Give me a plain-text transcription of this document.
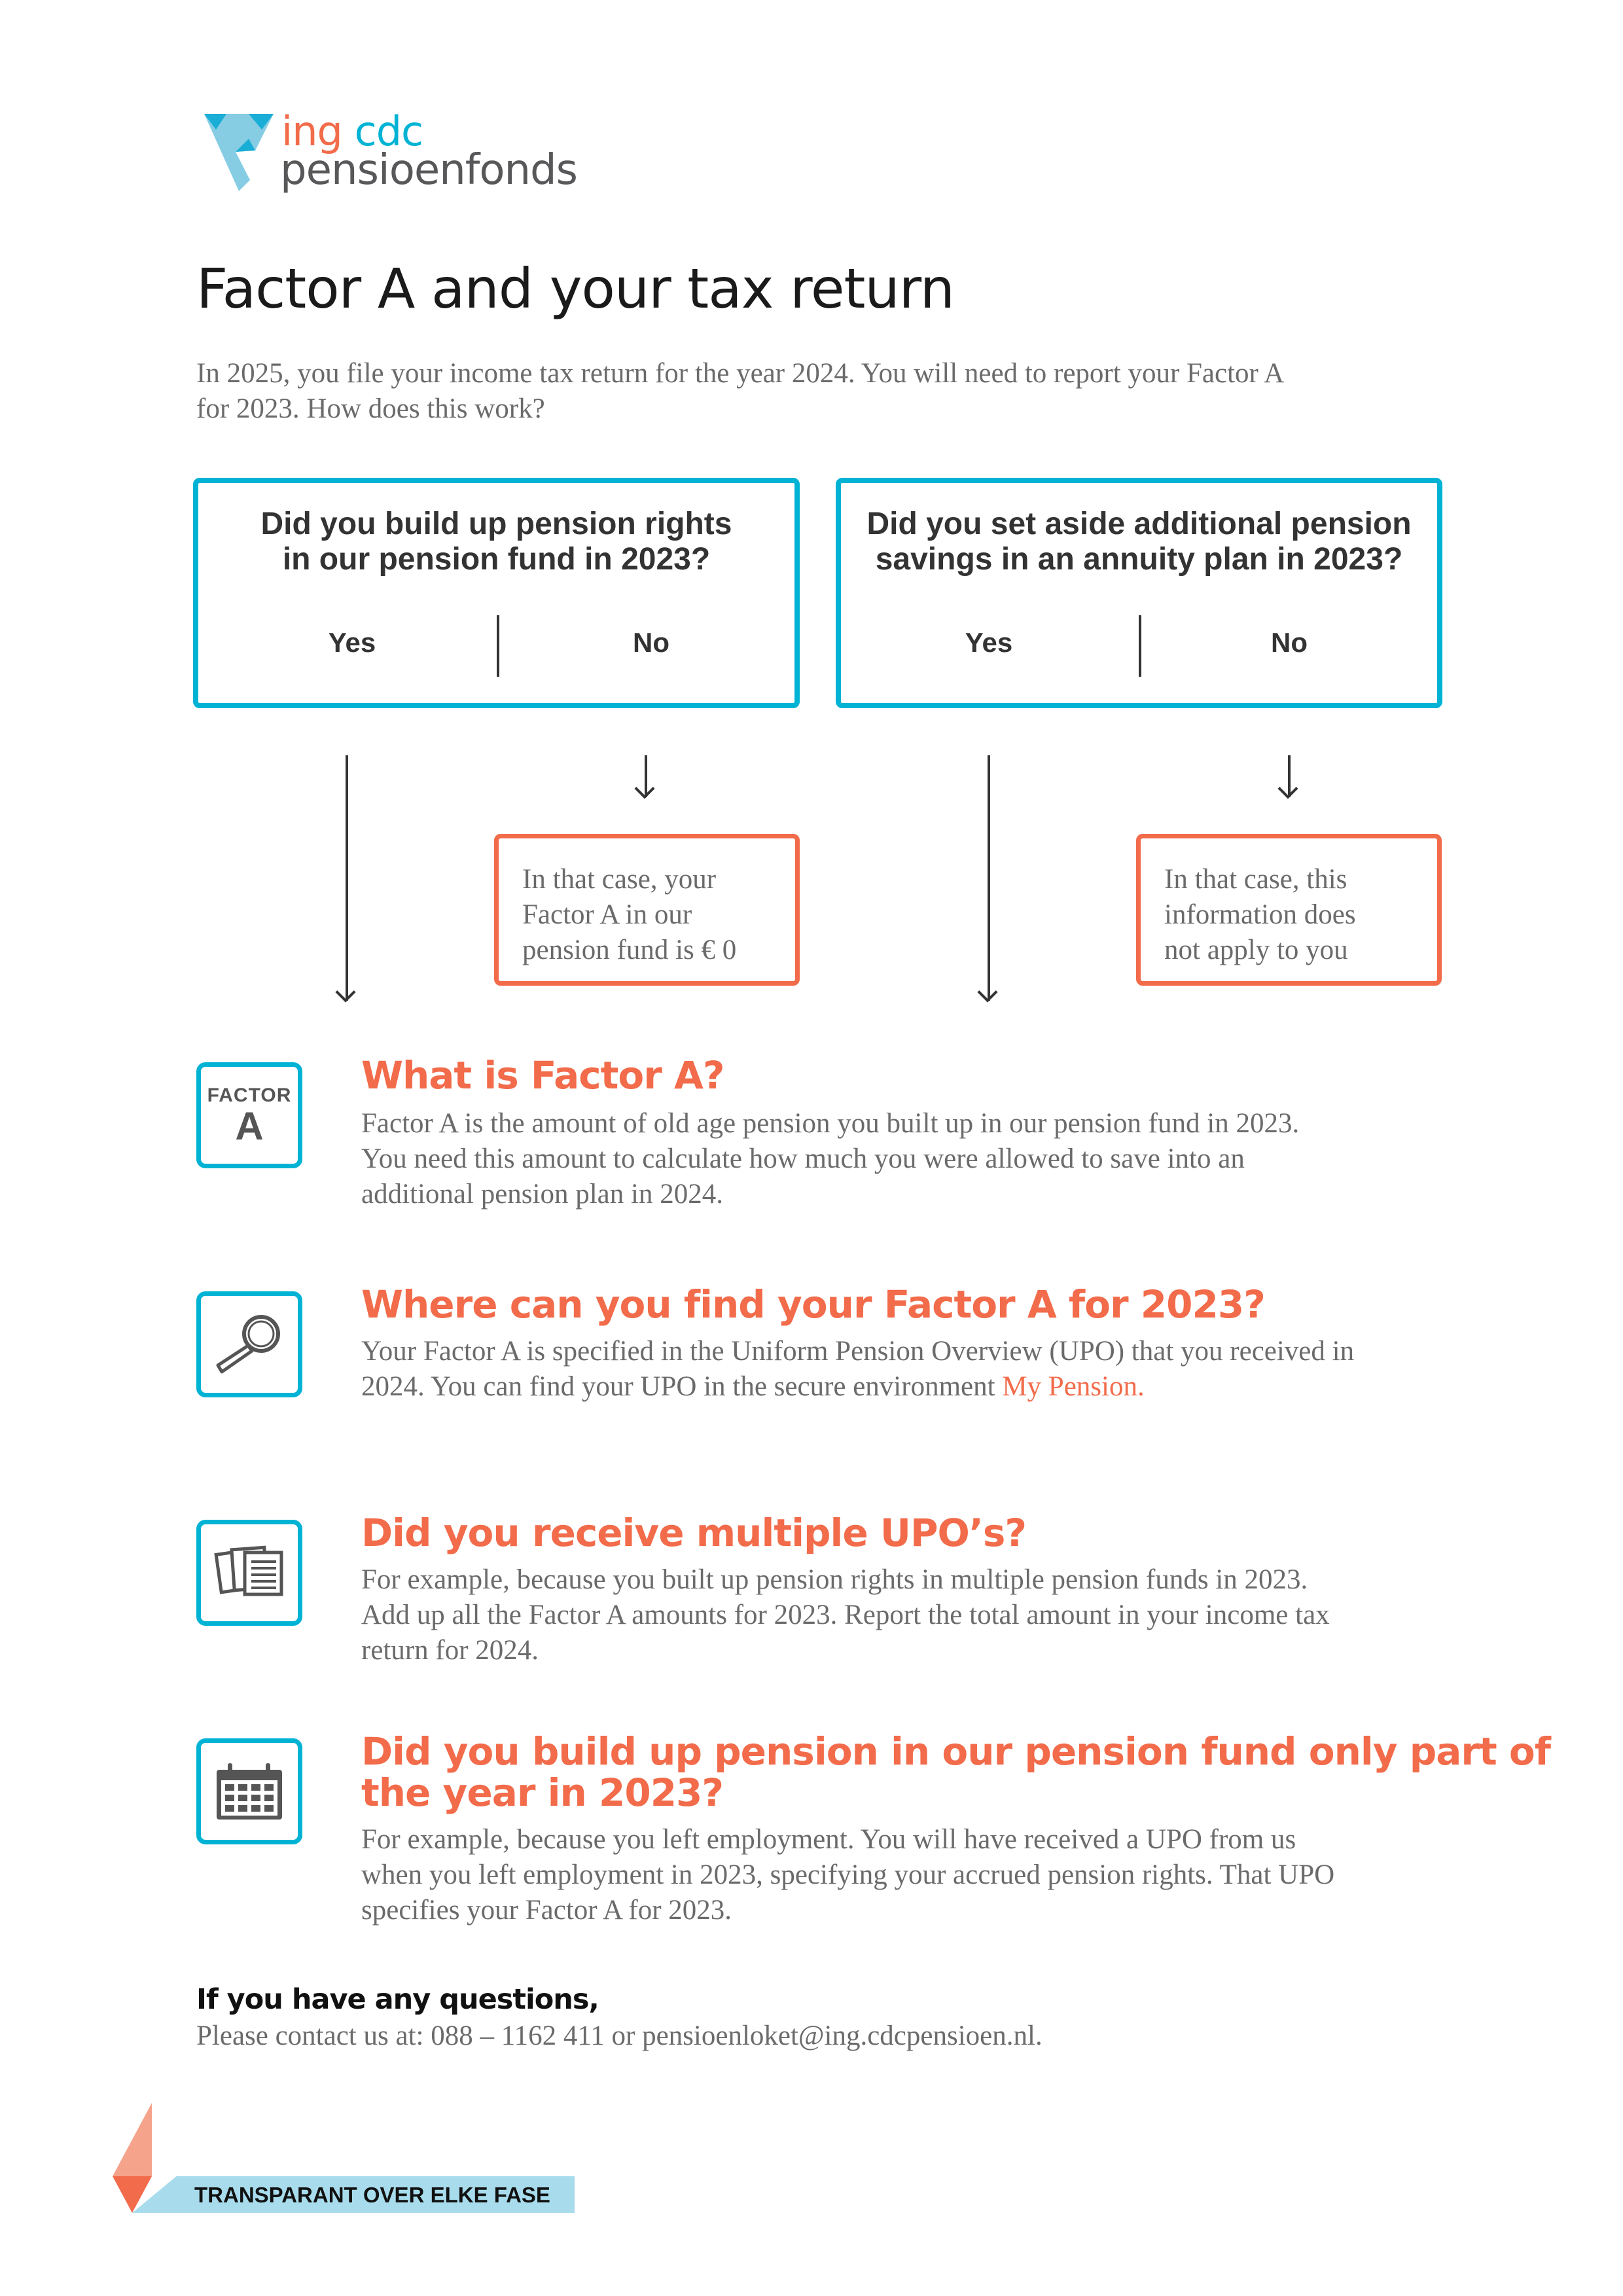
ing cdc
pensioenfonds
Factor A and your tax return
In 2025, you file your income tax return for the year 2024. You will need to report your Factor A
for 2023. How does this work?
Did you build up pension rights
in our pension fund in 2023?
Yes	No
In that case, your
Factor A in our
pension fund is € 0
Did you set aside additional pension
savings in an annuity plan in 2023?
Yes	No
In that case, this
information does
not apply to you
FACTOR
A
What is Factor A?
Factor A is the amount of old age pension you built up in our pension fund in 2023.
You need this amount to calculate how much you were allowed to save into an
additional pension plan in 2024.
Where can you find your Factor A for 2023?
Your Factor A is specified in the Uniform Pension Overview (UPO) that you received in
2024. You can find your UPO in the secure environment My Pension.
Did you receive multiple UPO’s?
For example, because you built up pension rights in multiple pension funds in 2023.
Add up all the Factor A amounts for 2023. Report the total amount in your income tax
return for 2024.
Did you build up pension in our pension fund only part of
the year in 2023?
For example, because you left employment. You will have received a UPO from us
when you left employment in 2023, specifying your accrued pension rights. That UPO
specifies your Factor A for 2023.
If you have any questions,
Please contact us at: 088 – 1162 411 or pensioenloket@ing.cdcpensioen.nl.
TRANSPARANT OVER ELKE FASE
